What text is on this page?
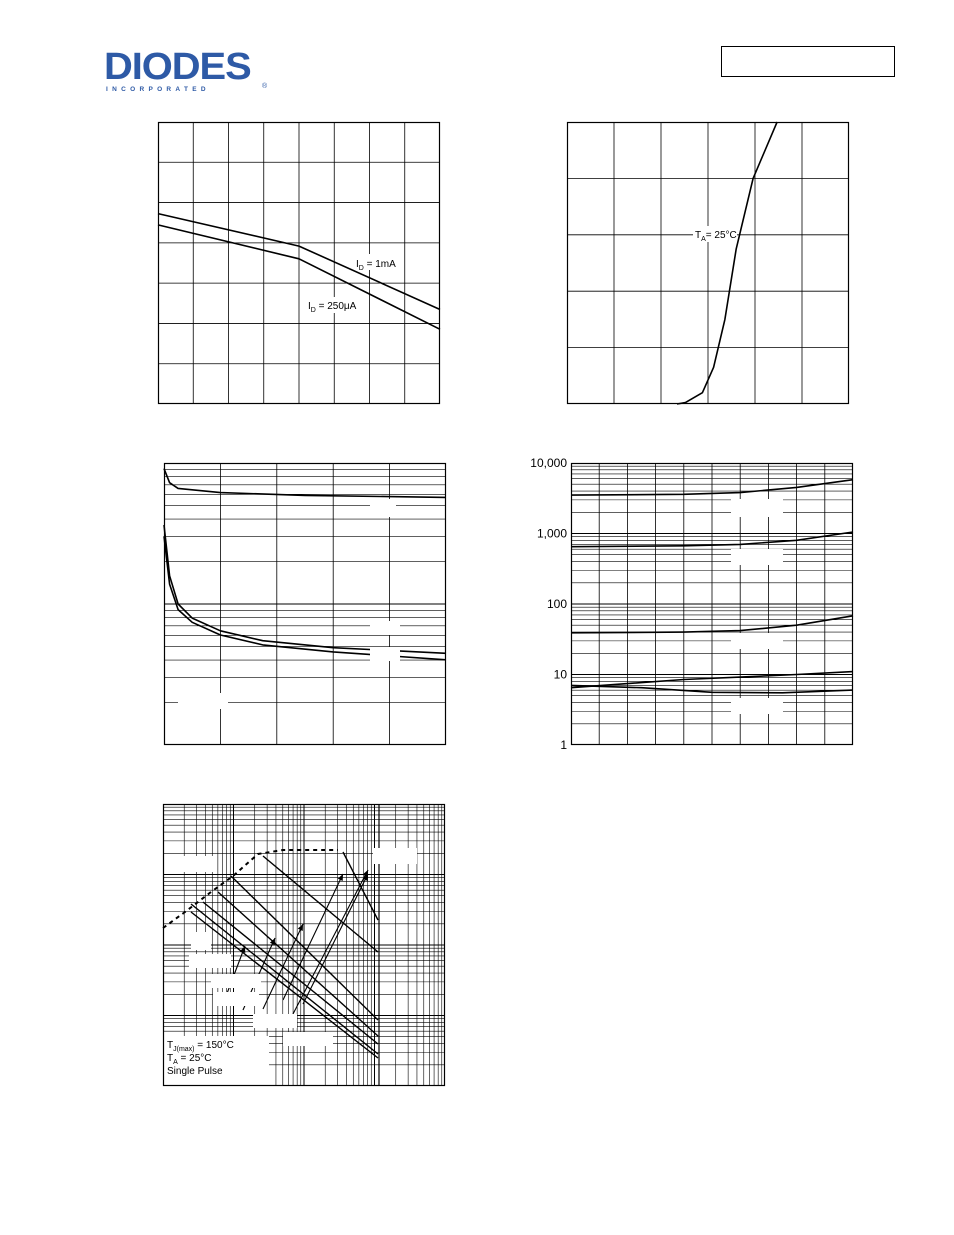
DIODES
INCORPORATED	®
$I_D = 1mA$
$I_D = 250\mu A$
$T_A= 25^\circ C$
10,000
1,000
100
10
1
$T_{J(max)} = 150^\circ C$
$T_A = 25^\circ C$
Single Pulse
